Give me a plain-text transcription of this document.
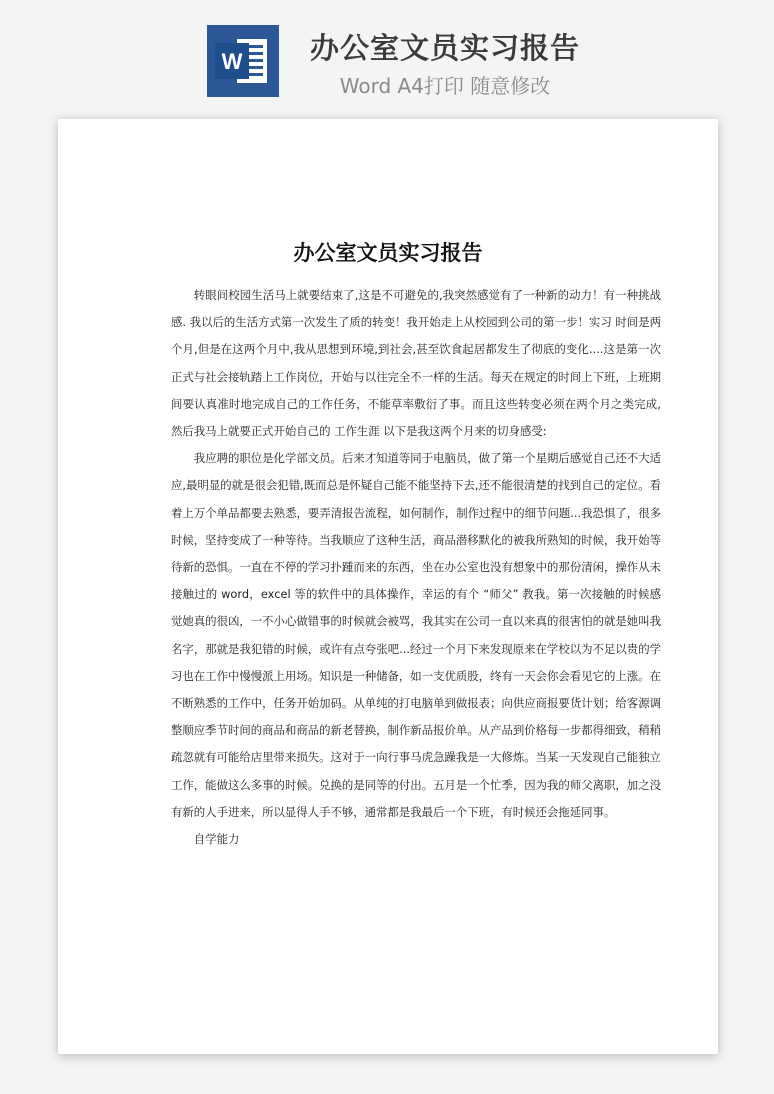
W	办公室文员实习报告
Word A4打印 随意修改
办公室文员实习报告

转眼间校园生活马上就要结束了,这是不可避免的,我突然感觉有了一种新的动力！有一种挑战感. 我以后的生活方式第一次发生了质的转变！我开始走上从校园到公司的第一步！实习 时间是两个月,但是在这两个月中,我从思想到环境,到社会,甚至饮食起居都发生了彻底的变化....这是第一次正式与社会接轨踏上工作岗位，开始与以往完全不一样的生活。每天在规定的时间上下班，上班期间要认真准时地完成自己的工作任务，不能草率敷衍了事。而且这些转变必须在两个月之类完成,然后我马上就要正式开始自己的 工作生涯 以下是我这两个月来的切身感受:

我应聘的职位是化学部文员。后来才知道等同于电脑员，做了第一个星期后感觉自己还不大适应,最明显的就是很会犯错,既而总是怀疑自己能不能坚持下去,还不能很清楚的找到自己的定位。看着上万个单品都要去熟悉，要弄清报告流程，如何制作，制作过程中的细节问题...我恐惧了，很多时候，坚持变成了一种等待。当我顺应了这种生活，商品潜移默化的被我所熟知的时候，我开始等待新的恐惧。一直在不停的学习扑踵而来的东西，坐在办公室也没有想象中的那份清闲，操作从未接触过的 word，excel 等的软件中的具体操作，幸运的有个 “师父” 教我。第一次接触的时候感觉她真的很凶，一不小心做错事的时候就会被骂，我其实在公司一直以来真的很害怕的就是她叫我名字，那就是我犯错的时候，或许有点夸张吧...经过一个月下来发现原来在学校以为不足以贵的学习也在工作中慢慢派上用场。知识是一种储备，如一支优质股，终有一天会你会看见它的上涨。在不断熟悉的工作中，任务开始加码。从单纯的打电脑单到做报表；向供应商报要货计划；给客源调整顺应季节时间的商品和商品的新老替换，制作新品报价单。从产品到价格每一步都得细致，稍稍疏忽就有可能给店里带来损失。这对于一向行事马虎急躁我是一大修炼。当某一天发现自己能独立工作，能做这么多事的时候。兑换的是同等的付出。五月是一个忙季，因为我的师父离职，加之没有新的人手进来，所以显得人手不够，通常都是我最后一个下班，有时候还会拖延同事。

自学能力
